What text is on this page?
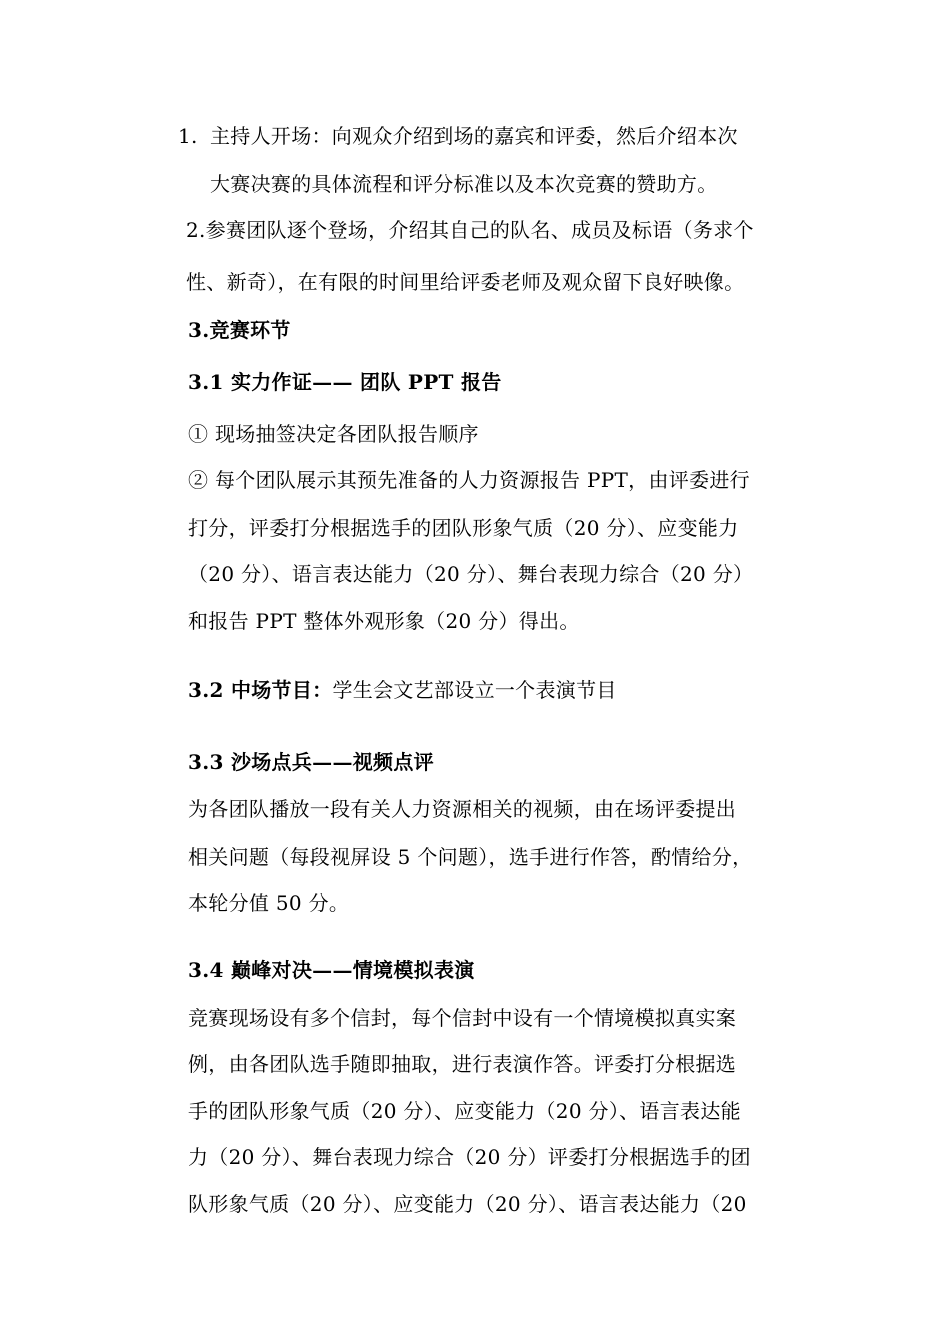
1. 主持人开场：向观众介绍到场的嘉宾和评委，然后介绍本次
大赛决赛的具体流程和评分标准以及本次竞赛的赞助方。
2.参赛团队逐个登场，介绍其自己的队名、成员及标语（务求个
性、新奇），在有限的时间里给评委老师及观众留下良好映像。
3.竞赛环节
3.1 实力作证—— 团队 PPT 报告
① 现场抽签决定各团队报告顺序
② 每个团队展示其预先准备的人力资源报告 PPT，由评委进行
打分，评委打分根据选手的团队形象气质（20 分）、应变能力
（20 分）、语言表达能力（20 分）、舞台表现力综合（20 分）
和报告 PPT 整体外观形象（20 分）得出。
3.2 中场节目：学生会文艺部设立一个表演节目
3.3 沙场点兵——视频点评
为各团队播放一段有关人力资源相关的视频，由在场评委提出
相关问题（每段视屏设 5 个问题），选手进行作答，酌情给分，
本轮分值 50 分。
3.4 巅峰对决——情境模拟表演
竞赛现场设有多个信封，每个信封中设有一个情境模拟真实案
例，由各团队选手随即抽取，进行表演作答。评委打分根据选
手的团队形象气质（20 分）、应变能力（20 分）、语言表达能
力（20 分）、舞台表现力综合（20 分）评委打分根据选手的团
队形象气质（20 分）、应变能力（20 分）、语言表达能力（20
